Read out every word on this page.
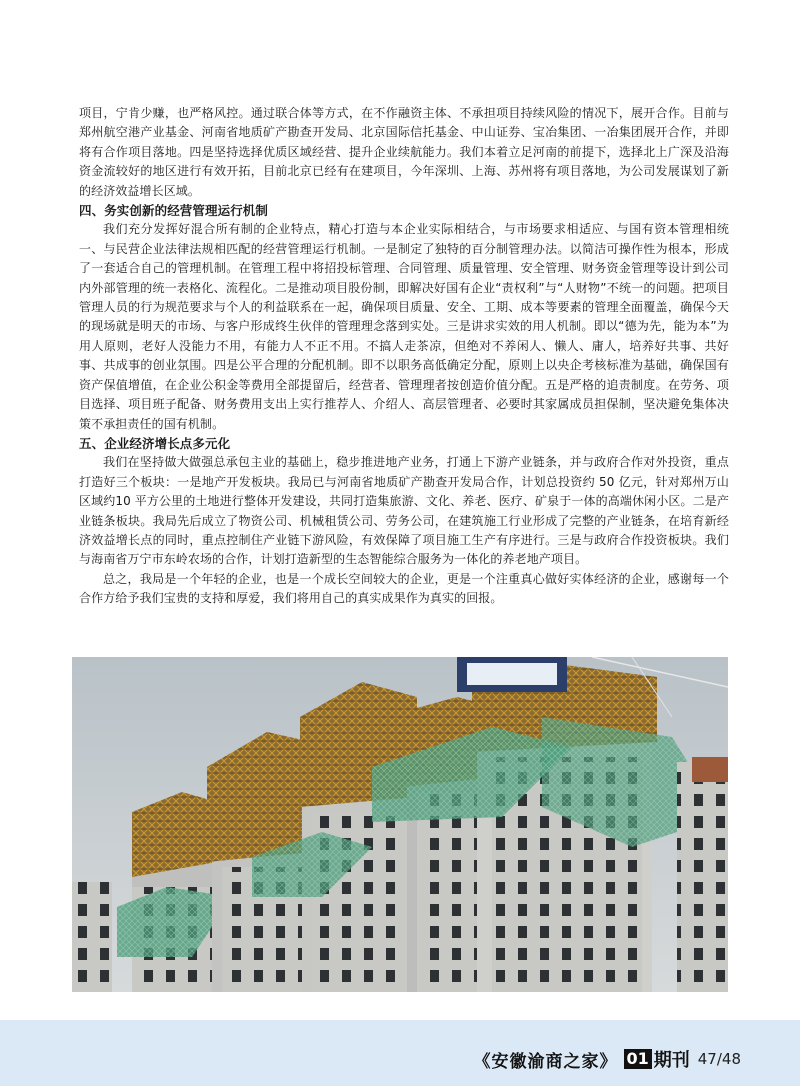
项目，宁肯少赚，也严格风控。通过联合体等方式，在不作融资主体、不承担项目持续风险的情况下，展开合作。目前与郑州航空港产业基金、河南省地质矿产勘查开发局、北京国际信托基金、中山证券、宝冶集团、一冶集团展开合作，并即将有合作项目落地。四是坚持选择优质区域经营、提升企业续航能力。我们本着立足河南的前提下，选择北上广深及沿海资金流较好的地区进行有效开拓，目前北京已经有在建项目，今年深圳、上海、苏州将有项目落地，为公司发展谋划了新的经济效益增长区域。

四、务实创新的经营管理运行机制

我们充分发挥好混合所有制的企业特点，精心打造与本企业实际相结合，与市场要求相适应、与国有资本管理相统一、与民营企业法律法规相匹配的经营管理运行机制。一是制定了独特的百分制管理办法。以简洁可操作性为根本，形成了一套适合自己的管理机制。在管理工程中将招投标管理、合同管理、质量管理、安全管理、财务资金管理等设计到公司内外部管理的统一表格化、流程化。二是推动项目股份制，即解决好国有企业“责权利”与“人财物”不统一的问题。把项目管理人员的行为规范要求与个人的利益联系在一起，确保项目质量、安全、工期、成本等要素的管理全面覆盖，确保今天的现场就是明天的市场、与客户形成终生伙伴的管理理念落到实处。三是讲求实效的用人机制。即以“德为先，能为本”为用人原则，老好人没能力不用，有能力人不正不用。不搞人走茶凉，但绝对不养闲人、懒人、庸人，培养好共事、共好事、共成事的创业氛围。四是公平合理的分配机制。即不以职务高低确定分配，原则上以央企考核标准为基础，确保国有资产保值增值，在企业公积金等费用全部提留后，经营者、管理理者按创造价值分配。五是严格的追责制度。在劳务、项目选择、项目班子配备、财务费用支出上实行推荐人、介绍人、高层管理者、必要时其家属成员担保制，坚决避免集体决策不承担责任的国有机制。

五、企业经济增长点多元化

我们在坚持做大做强总承包主业的基础上，稳步推进地产业务，打通上下游产业链条，并与政府合作对外投资，重点打造好三个板块：一是地产开发板块。我局已与河南省地质矿产勘查开发局合作，计划总投资约 50 亿元，针对郑州万山区域约10 平方公里的土地进行整体开发建设，共同打造集旅游、文化、养老、医疗、矿泉于一体的高端休闲小区。二是产业链条板块。我局先后成立了物资公司、机械租赁公司、劳务公司，在建筑施工行业形成了完整的产业链条，在培育新经济效益增长点的同时，重点控制住产业链下游风险，有效保障了项目施工生产有序进行。三是与政府合作投资板块。我们与海南省万宁市东岭农场的合作，计划打造新型的生态智能综合服务为一体化的养老地产项目。

总之，我局是一个年轻的企业，也是一个成长空间较大的企业，更是一个注重真心做好实体经济的企业，感谢每一个合作方给予我们宝贵的支持和厚爱，我们将用自己的真实成果作为真实的回报。

《安徽渝商之家》 01 期刊 47/48
